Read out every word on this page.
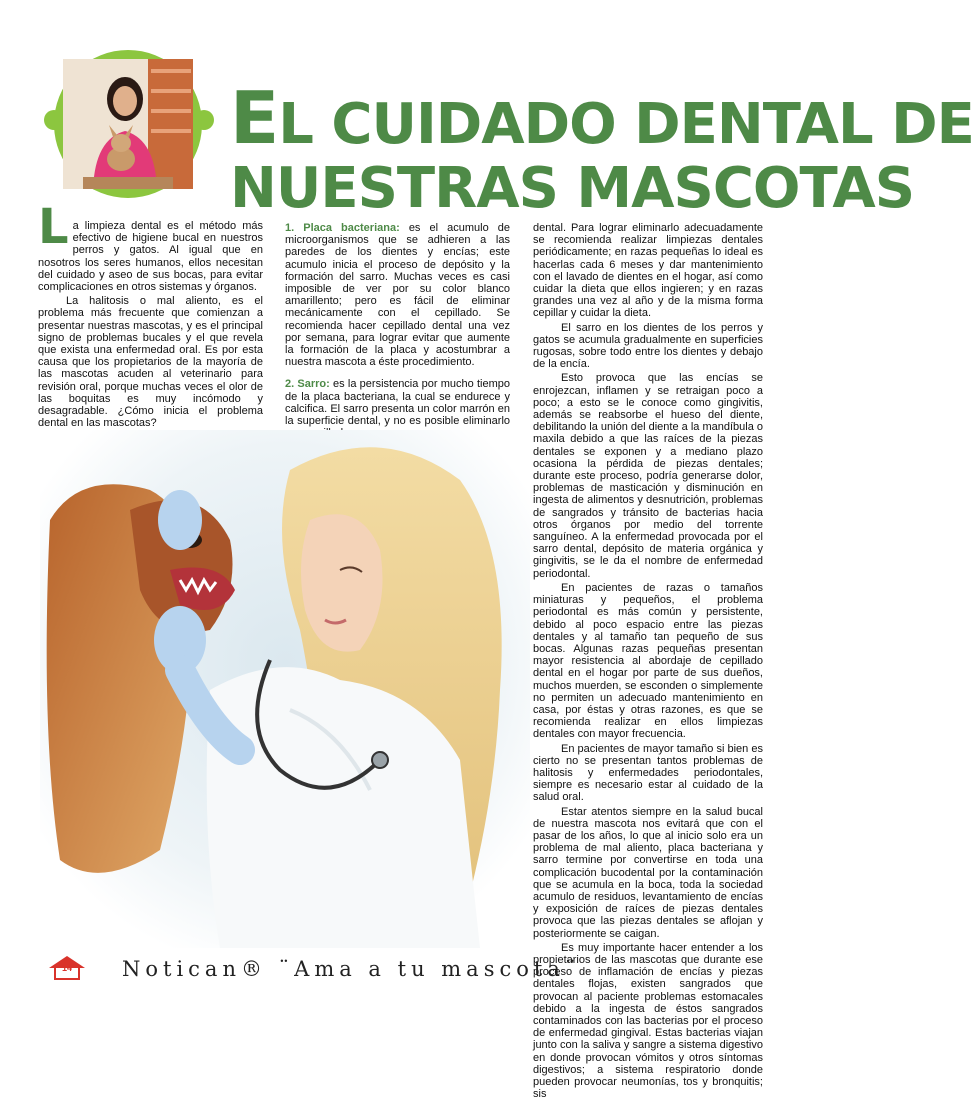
EL CUIDADO DENTAL DE
NUESTRAS MASCOTAS
L a limpieza dental es el método más efectivo de higiene bucal en nuestros perros y gatos. Al igual que en nosotros los seres humanos, ellos necesitan del cuidado y aseo de sus bocas, para evitar complicaciones en otros sistemas y órganos.

La halitosis o mal aliento, es el problema más frecuente que comienzan a presentar nuestras mascotas, y es el principal signo de problemas bucales y el que revela que exista una enfermedad oral. Es por esta causa que los propietarios de la mayoría de las mascotas acuden al veterinario para revisión oral, porque muchas veces el olor de las boquitas es muy incómodo y desagradable. ¿Cómo inicia el problema dental en las mascotas?

1. Placa bacteriana: es el acumulo de microorganismos que se adhieren a las paredes de los dientes y encías; este acumulo inicia el proceso de depósito y la formación del sarro. Muchas veces es casi imposible de ver por su color blanco amarillento; pero es fácil de eliminar mecánicamente con el cepillado. Se recomienda hacer cepillado dental una vez por semana, para lograr evitar que aumente la formación de la placa y acostumbrar a nuestra mascota a éste procedimiento.

2. Sarro: es la persistencia por mucho tiempo de la placa bacteriana, la cual se endurece y calcifica. El sarro presenta un color marrón en la superficie dental, y no es posible eliminarlo

dental. Para lograr eliminarlo adecuadamente se recomienda realizar limpiezas dentales periódicamente; en razas pequeñas lo ideal es hacerlas cada 6 meses y dar mantenimiento con el lavado de dientes en el hogar, así como cuidar la dieta que ellos ingieren; y en razas grandes una vez al año y de la misma forma cepillar y cuidar la dieta.

El sarro en los dientes de los perros y gatos se acumula gradualmente en superficies rugosas, sobre todo entre los dientes y debajo de la encía.

Esto provoca que las encías se enrojezcan, inflamen y se retraigan poco a poco; a esto se le conoce como gingivitis, además se reabsorbe el hueso del diente, debilitando la unión del diente a la mandíbula o maxila debido a que las raíces de la piezas dentales se exponen y a mediano plazo ocasiona la pérdida de piezas dentales; durante este proceso, podría generarse dolor, problemas de masticación y disminución en ingesta de alimentos y desnutrición, problemas de sangrados y tránsito de bacterias hacia otros órganos por medio del torrente sanguíneo. A la enfermedad provocada por el sarro dental, depósito de materia orgánica y gingivitis, se le da el nombre de enfermedad periodontal.

En pacientes de razas o tamaños miniaturas y pequeños, el problema periodontal es más común y persistente, debido al poco espacio entre las piezas dentales y al tamaño tan pequeño de sus bocas. Algunas razas pequeñas presentan mayor resistencia al abordaje de cepillado dental en el hogar por parte de sus dueños, muchos muerden, se esconden o simplemente no permiten un adecuado mantenimiento en casa, por éstas y otras razones, es que se recomienda realizar en ellos limpiezas dentales con mayor frecuencia.

En pacientes de mayor tamaño si bien es cierto no se presentan tantos problemas de halitosis y enfermedades periodontales, siempre es necesario estar al cuidado de la salud oral.

Estar atentos siempre en la salud bucal de nuestra mascota nos evitará que con el pasar de los años, lo que al inicio solo era un problema de mal aliento, placa bacteriana y sarro termine por convertirse en toda una complicación bucodental por la contaminación que se acumula en la boca, toda la sociedad acumulo de residuos, levantamiento de encías y exposición de raíces de piezas dentales provoca que las piezas dentales se aflojan y posteriormente se caigan.

Es muy importante hacer entender a los propietarios de las mascotas que durante ese proceso de inflamación de encías y piezas dentales flojas, existen sangrados que provocan al paciente problemas estomacales debido a la ingesta de éstos sangrados contaminados con las bacterias por el proceso de enfermedad gingival. Estas bacterias viajan junto con la saliva y sangre a sistema digestivo en donde provocan vómitos y otros síntomas digestivos; a sistema respiratorio donde pueden provocar neumonías, tos y bronquitis; sis

14 Notican® ¨Ama a tu mascota¨
